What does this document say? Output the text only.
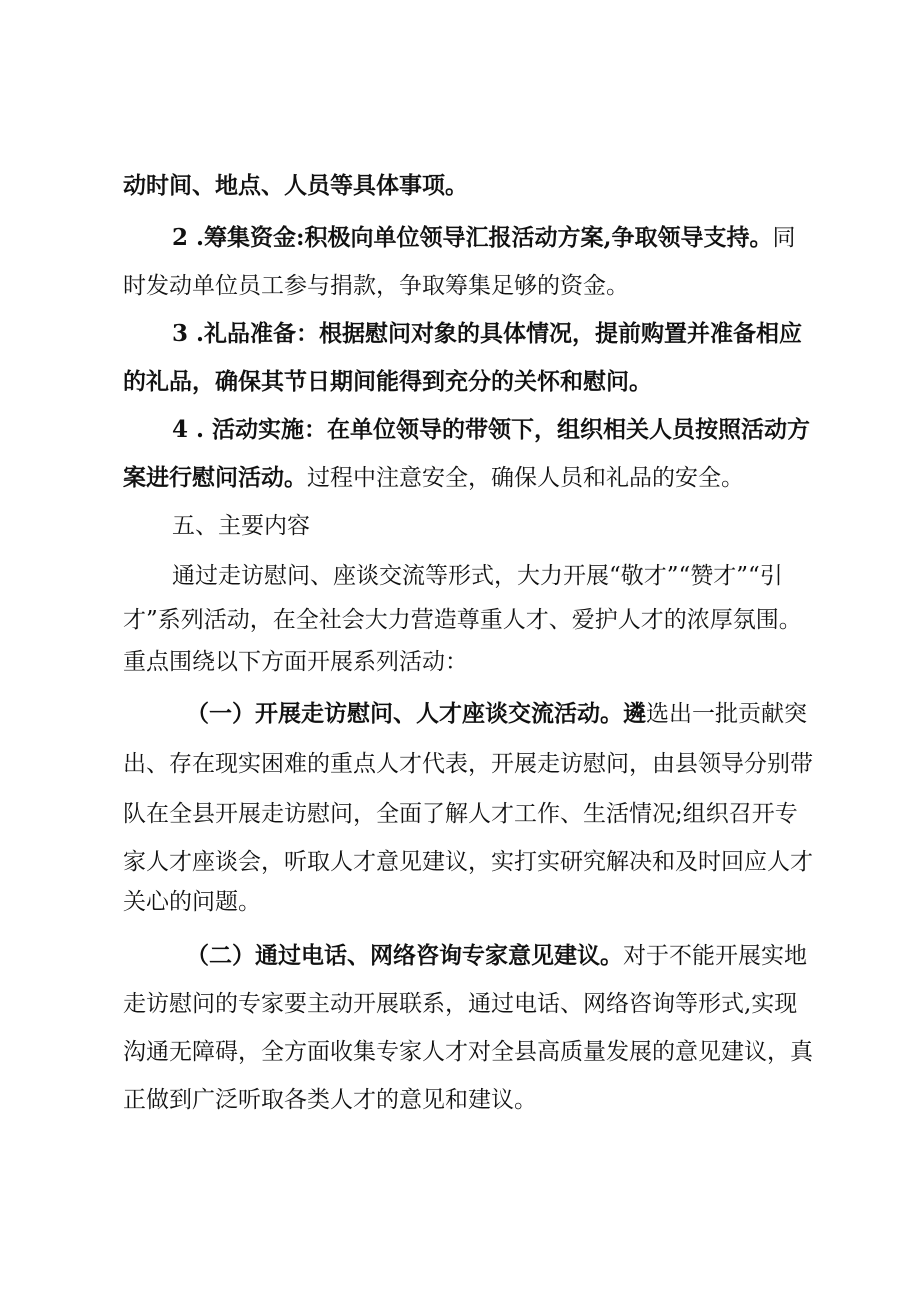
动时间、地点、人员等具体事项。
2 .筹集资金:积极向单位领导汇报活动方案,争取领导支持。同
时发动单位员工参与捐款，争取筹集足够的资金。
3 .礼品准备：根据慰问对象的具体情况，提前购置并准备相应
的礼品，确保其节日期间能得到充分的关怀和慰问。
4 . 活动实施：在单位领导的带领下，组织相关人员按照活动方
案进行慰问活动。过程中注意安全，确保人员和礼品的安全。
五、主要内容
通过走访慰问、座谈交流等形式，大力开展“敬才”“赞才”“引
才”系列活动，在全社会大力营造尊重人才、爱护人才的浓厚氛围。
重点围绕以下方面开展系列活动：
（一）开展走访慰问、人才座谈交流活动。遴选出一批贡献突
出、存在现实困难的重点人才代表，开展走访慰问，由县领导分别带
队在全县开展走访慰问，全面了解人才工作、生活情况;组织召开专
家人才座谈会，听取人才意见建议，实打实研究解决和及时回应人才
关心的问题。
（二）通过电话、网络咨询专家意见建议。对于不能开展实地
走访慰问的专家要主动开展联系，通过电话、网络咨询等形式,实现
沟通无障碍，全方面收集专家人才对全县高质量发展的意见建议，真
正做到广泛听取各类人才的意见和建议。
